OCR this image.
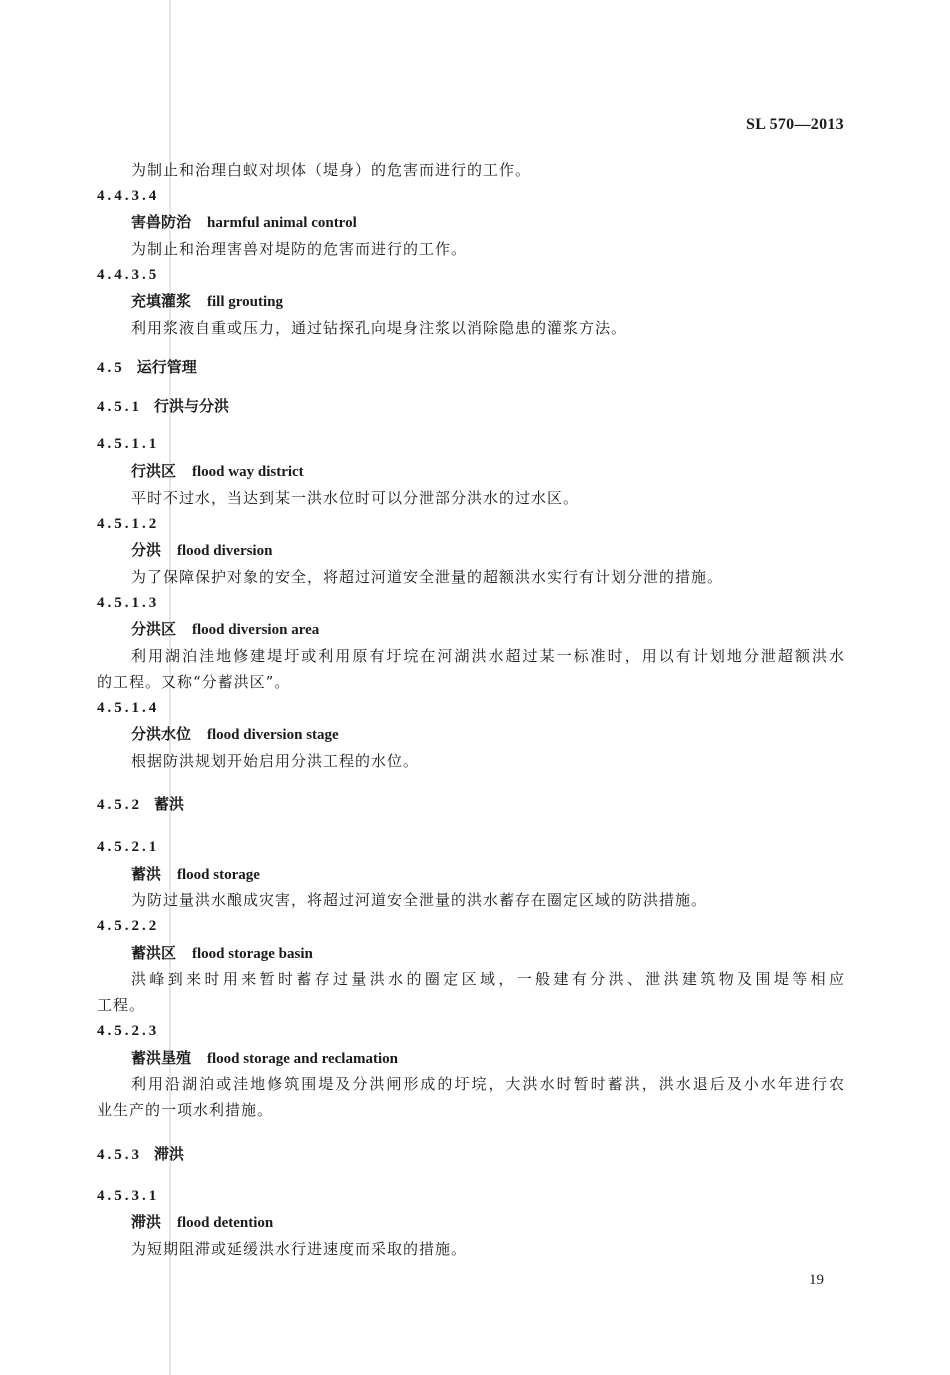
SL 570—2013
为制止和治理白蚁对坝体（堤身）的危害而进行的工作。
4.4.3.4
害兽防治 harmful animal control
为制止和治理害兽对堤防的危害而进行的工作。
4.4.3.5
充填灌浆 fill grouting
利用浆液自重或压力，通过钻探孔向堤身注浆以消除隐患的灌浆方法。
4.5 运行管理
4.5.1 行洪与分洪
4.5.1.1
行洪区 flood way district
平时不过水，当达到某一洪水位时可以分泄部分洪水的过水区。
4.5.1.2
分洪 flood diversion
为了保障保护对象的安全，将超过河道安全泄量的超额洪水实行有计划分泄的措施。
4.5.1.3
分洪区 flood diversion area
利用湖泊洼地修建堤圩或利用原有圩垸在河湖洪水超过某一标准时，用以有计划地分泄超额洪水
的工程。又称“分蓄洪区”。
4.5.1.4
分洪水位 flood diversion stage
根据防洪规划开始启用分洪工程的水位。
4.5.2 蓄洪
4.5.2.1
蓄洪 flood storage
为防过量洪水酿成灾害，将超过河道安全泄量的洪水蓄存在圈定区域的防洪措施。
4.5.2.2
蓄洪区 flood storage basin
洪峰到来时用来暂时蓄存过量洪水的圈定区域，一般建有分洪、泄洪建筑物及围堤等相应
工程。
4.5.2.3
蓄洪垦殖 flood storage and reclamation
利用沿湖泊或洼地修筑围堤及分洪闸形成的圩垸，大洪水时暂时蓄洪，洪水退后及小水年进行农
业生产的一项水利措施。
4.5.3 滞洪
4.5.3.1
滞洪 flood detention
为短期阻滞或延缓洪水行进速度而采取的措施。
19
